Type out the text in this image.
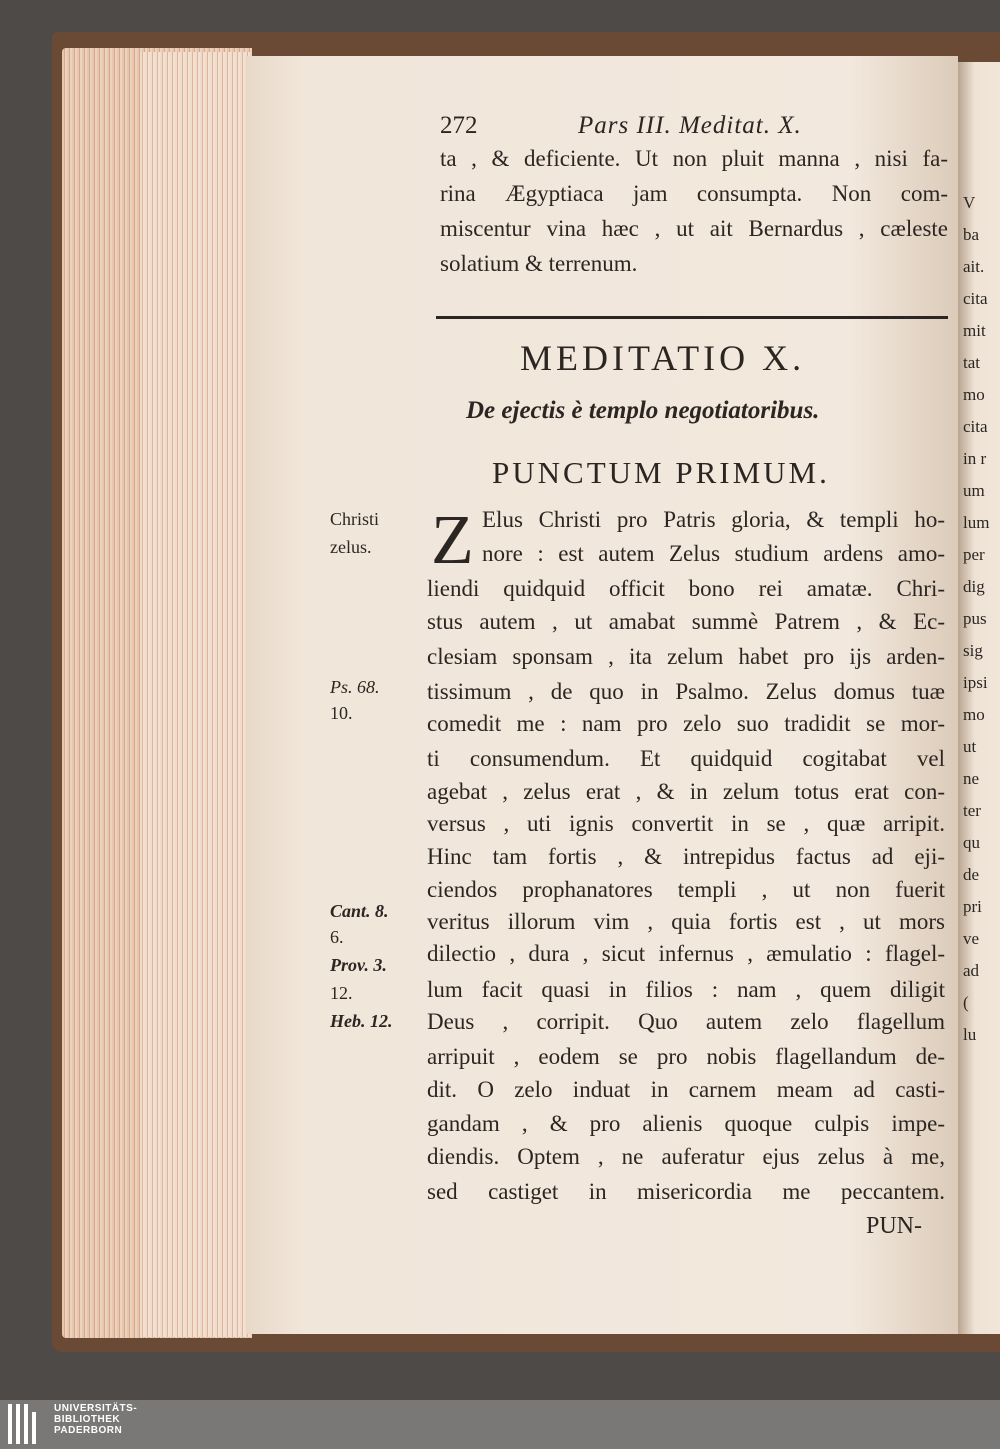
V
ba
ait.
cita
mit
tat
mo
cita
in r
um
lum
per
dig
pus
sig
ipsi
mo
ut
ne
ter
qu
de
pri
ve
ad
(
lu
272	Pars III. Meditat. X.
ta , & deficiente. Ut non pluit manna , nisi fa-
rina Ægyptiaca jam consumpta. Non com-
miscentur vina hæc , ut ait Bernardus , cæleste
solatium & terrenum.
MEDITATIO X.
De ejectis è templo negotiatoribus.
PUNCTUM PRIMUM.
Z Elus Christi pro Patris gloria, & templi ho-
nore : est autem Zelus studium ardens amo-
liendi quidquid officit bono rei amatæ. Chri-
stus autem , ut amabat summè Patrem , & Ec-
clesiam sponsam , ita zelum habet pro ijs arden-
tissimum , de quo in Psalmo. Zelus domus tuæ
comedit me : nam pro zelo suo tradidit se mor-
ti consumendum. Et quidquid cogitabat vel
agebat , zelus erat , & in zelum totus erat con-
versus , uti ignis convertit in se , quæ arripit.
Hinc tam fortis , & intrepidus factus ad eji-
ciendos prophanatores templi , ut non fuerit
veritus illorum vim , quia fortis est , ut mors
dilectio , dura , sicut infernus , æmulatio : flagel-
lum facit quasi in filios : nam , quem diligit
Deus , corripit. Quo autem zelo flagellum
arripuit , eodem se pro nobis flagellandum de-
dit. O zelo induat in carnem meam ad casti-
gandam , & pro alienis quoque culpis impe-
diendis. Optem , ne auferatur ejus zelus à me,
sed castiget in misericordia me peccantem.
PUN-
Christi
zelus.
Ps. 68.
10.
Cant. 8.
6.
Prov. 3.
12.
Heb. 12.
UNIVERSITÄTS-
BIBLIOTHEK
PADERBORN
